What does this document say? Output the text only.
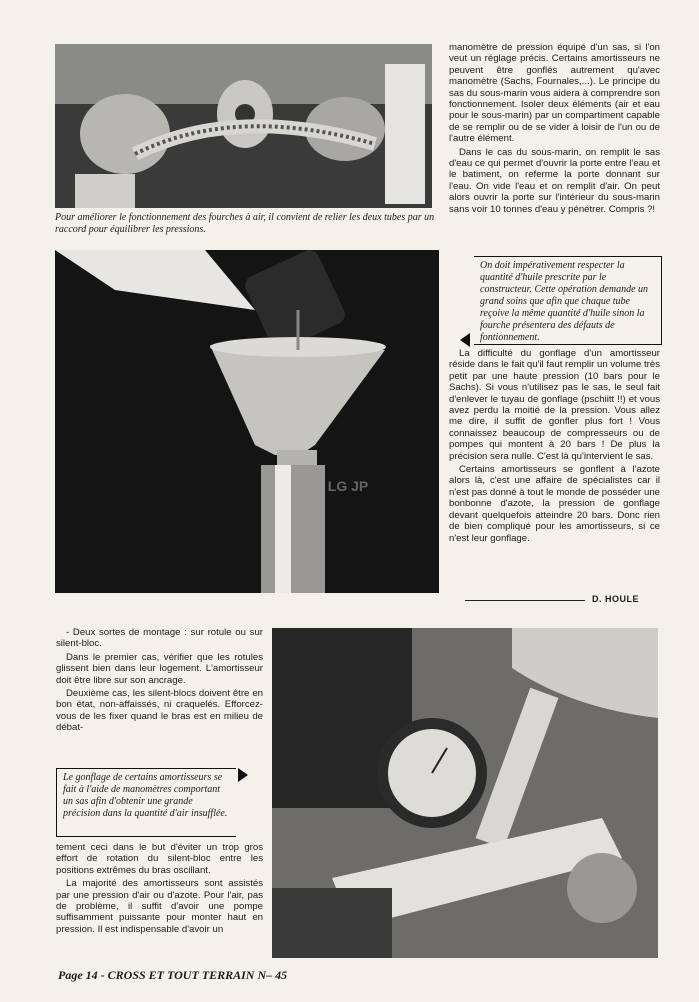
Pour améliorer le fonctionnement des fourches à air, il convient de relier les deux tubes par un raccord pour équilibrer les pressions.

LG JP

manomètre de pression équipé d'un sas, si l'on veut un réglage précis. Certains amortisseurs ne peuvent être gonflés autrement qu'avec manomètre (Sachs, Fournales,...). Le principe du sas du sous-marin vous aidera à comprendre son fonctionnement. Isoler deux éléments (air et eau pour le sous-marin) par un compartiment capable de se remplir ou de se vider à loisir de l'un ou de l'autre élément.

Dans le cas du sous-marin, on remplit le sas d'eau ce qui permet d'ouvrir la porte entre l'eau et le batiment, on referme la porte donnant sur l'eau. On vide l'eau et on remplit d'air. On peut alors ouvrir la porte sur l'intérieur du sous-marin sans voir 10 tonnes d'eau y pénétrer. Compris ?!

On doit impérativement respecter la quantité d'huile prescrite par le constructeur. Cette opération demande un grand soins que afin que chaque tube reçoive la même quantité d'huile sinon la fourche présentera des défauts de fontionnement.

La difficulté du gonflage d'un amortisseur réside dans le fait qu'il faut remplir un volume très petit par une haute pression (10 bars pour le Sachs). Si vous n'utilisez pas le sas, le seul fait d'enlever le tuyau de gonflage (pschiitt !!) et vous avez perdu la moitié de la pression. Vous allez me dire, il suffit de gonfler plus fort ! Vous connaissez beaucoup de compresseurs ou de pompes qui montent à 20 bars ! De plus la précision sera nulle. C'est là qu'intervient le sas.

Certains amortisseurs se gonflent à l'azote alors là, c'est une affaire de spécialistes car il n'est pas donné à tout le monde de posséder une bonbonne d'azote, la pression de gonflage devant quelquefois atteindre 20 bars. Donc rien de bien compliqué pour les amortisseurs, si ce n'est leur gonflage.

D. HOULE

- Deux sortes de montage : sur rotule ou sur silent-bloc.

Dans le premier cas, vérifier que les rotules glissent bien dans leur logement. L'amortisseur doit être libre sur son ancrage.

Deuxième cas, les silent-blocs doivent être en bon état, non-affaissés, ni craquelés. Efforcez-vous de les fixer quand le bras est en milieu de débat-

Le gonflage de certains amortisseurs se fait à l'aide de manomètres comportant un sas afin d'obtenir une grande précision dans la quantité d'air insufflée.

tement ceci dans le but d'éviter un trop gros effort de rotation du silent-bloc entre les positions extrêmes du bras oscillant.

La majorité des amortisseurs sont assistés par une pression d'air ou d'azote. Pour l'air, pas de problème, il suffit d'avoir une pompe suffisamment puissante pour monter haut en pression. Il est indispensable d'avoir un

Page 14 - CROSS ET TOUT TERRAIN N– 45
